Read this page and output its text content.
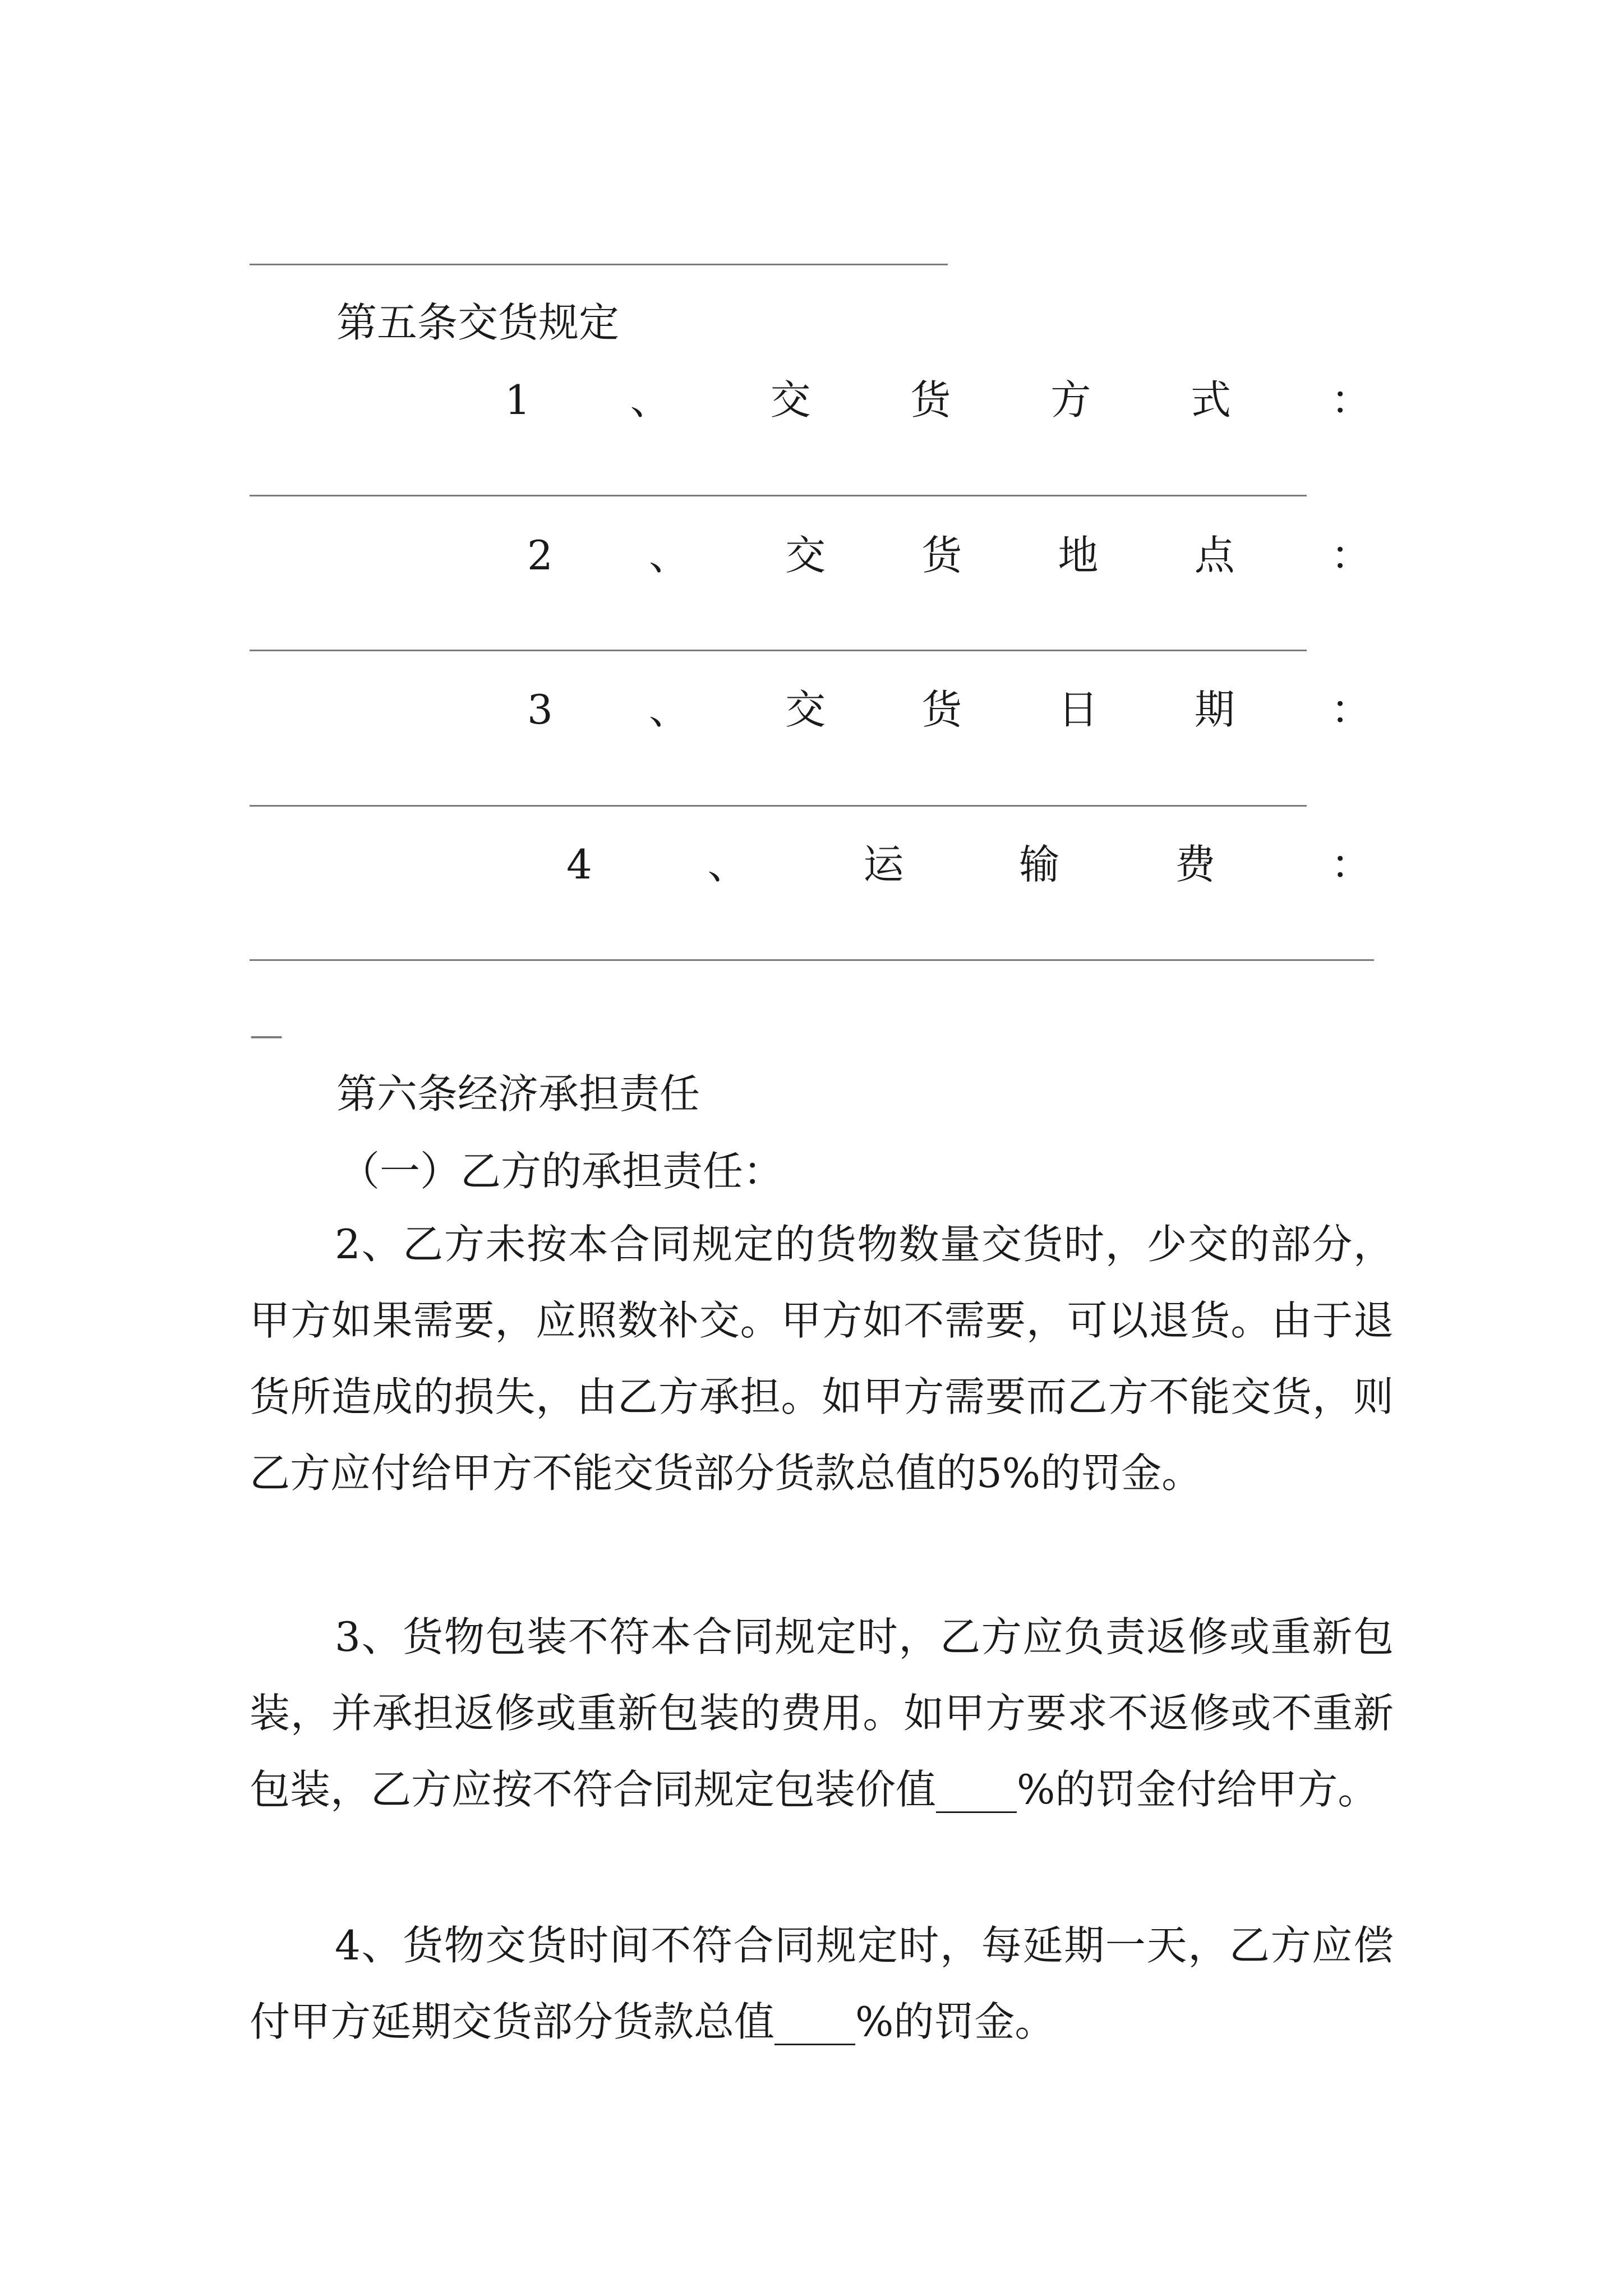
第五条交货规定
1 、 交 货 方 式 ：
2 、 交 货 地 点 ：
3 、 交 货 日 期 ：
4	、	运	输	费	：
—
第六条经济承担责任
（一）乙方的承担责任：
2、乙方未按本合同规定的货物数量交货时，少交的部分，甲方如果需要，应照数补交。甲方如不需要，可以退货。由于退货所造成的损失，由乙方承担。如甲方需要而乙方不能交货，则乙方应付给甲方不能交货部分货款总值的5%的罚金。
3、货物包装不符本合同规定时，乙方应负责返修或重新包装，并承担返修或重新包装的费用。如甲方要求不返修或不重新包装，乙方应按不符合同规定包装价值____%的罚金付给甲方。
4、货物交货时间不符合同规定时，每延期一天，乙方应偿付甲方延期交货部分货款总值____%的罚金。
